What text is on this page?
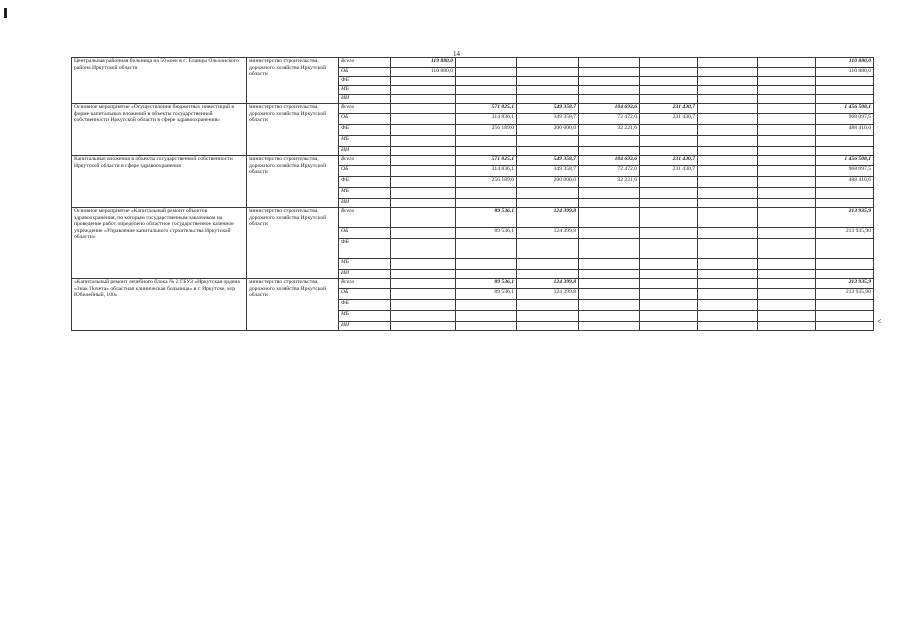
14
Центральная районная больница на 50 коек в с. Еланцы Ольхонского района Иркутской области	министерство строительства, дорожного хозяйства Иркутской области	Всего	119 880,0							110 880,0
		ОБ	110 880,0							110 880,0
		ФБ								
		МБ								
		ИИ								
Основное мероприятие «Осуществление бюджетных инвестиций в форме капитальных вложений в объекты государственной собственности Иркутской области в сфере здравоохранения»	министерство строительства, дорожного хозяйства Иркутской области	Всего		571 025,1	549 358,7	104 693,6	231 430,7			1 456 508,1
		ОБ		314 836,1	349 358,7	72 472,0	231 430,7			968 097,5
		ФБ		256 189,0	200 000,0	32 221,6				488 410,6
		МБ								
		ИИ								
Капитальные вложения в объекты государственной собственности Иркутской области в сфере здравоохранения	министерство строительства, дорожного хозяйства Иркутской области	Всего		571 025,1	549 358,7	104 693,6	231 430,7			1 456 508,1
		ОБ		314 836,1	349 358,7	72 472,0	231 430,7			968 097,5
		ФБ		256 189,0	200 000,0	32 221,6				488 410,6
		МБ								
		ИИ								
Основное мероприятие «Капитальный ремонт объектов здравоохранения, по которым государственным заказчиком на проведение работ определено областное государственное казенное учреждение «Управление капитального строительства Иркутской области»	министерство строительства, дорожного хозяйства Иркутской области	Всего		89 536,1	124 399,8					213 935,9
		ОБ		89 536,1	124 399,8					213 935,90
		ФБ								
		МБ								
		ИИ								
«Капитальный ремонт лечебного блока № 2 ГБУЗ «Иркутская ордена «Знак Почета» областная клиническая больница» в г. Иркутске, м/р Юбилейный, 100»	министерство строительства, дорожного хозяйства Иркутской области	Всего		89 536,1	124 399,8					213 935,9
		ОБ		89 536,1	124 399,8					213 935,90
		ФБ								
		МБ								
		ИИ									<
